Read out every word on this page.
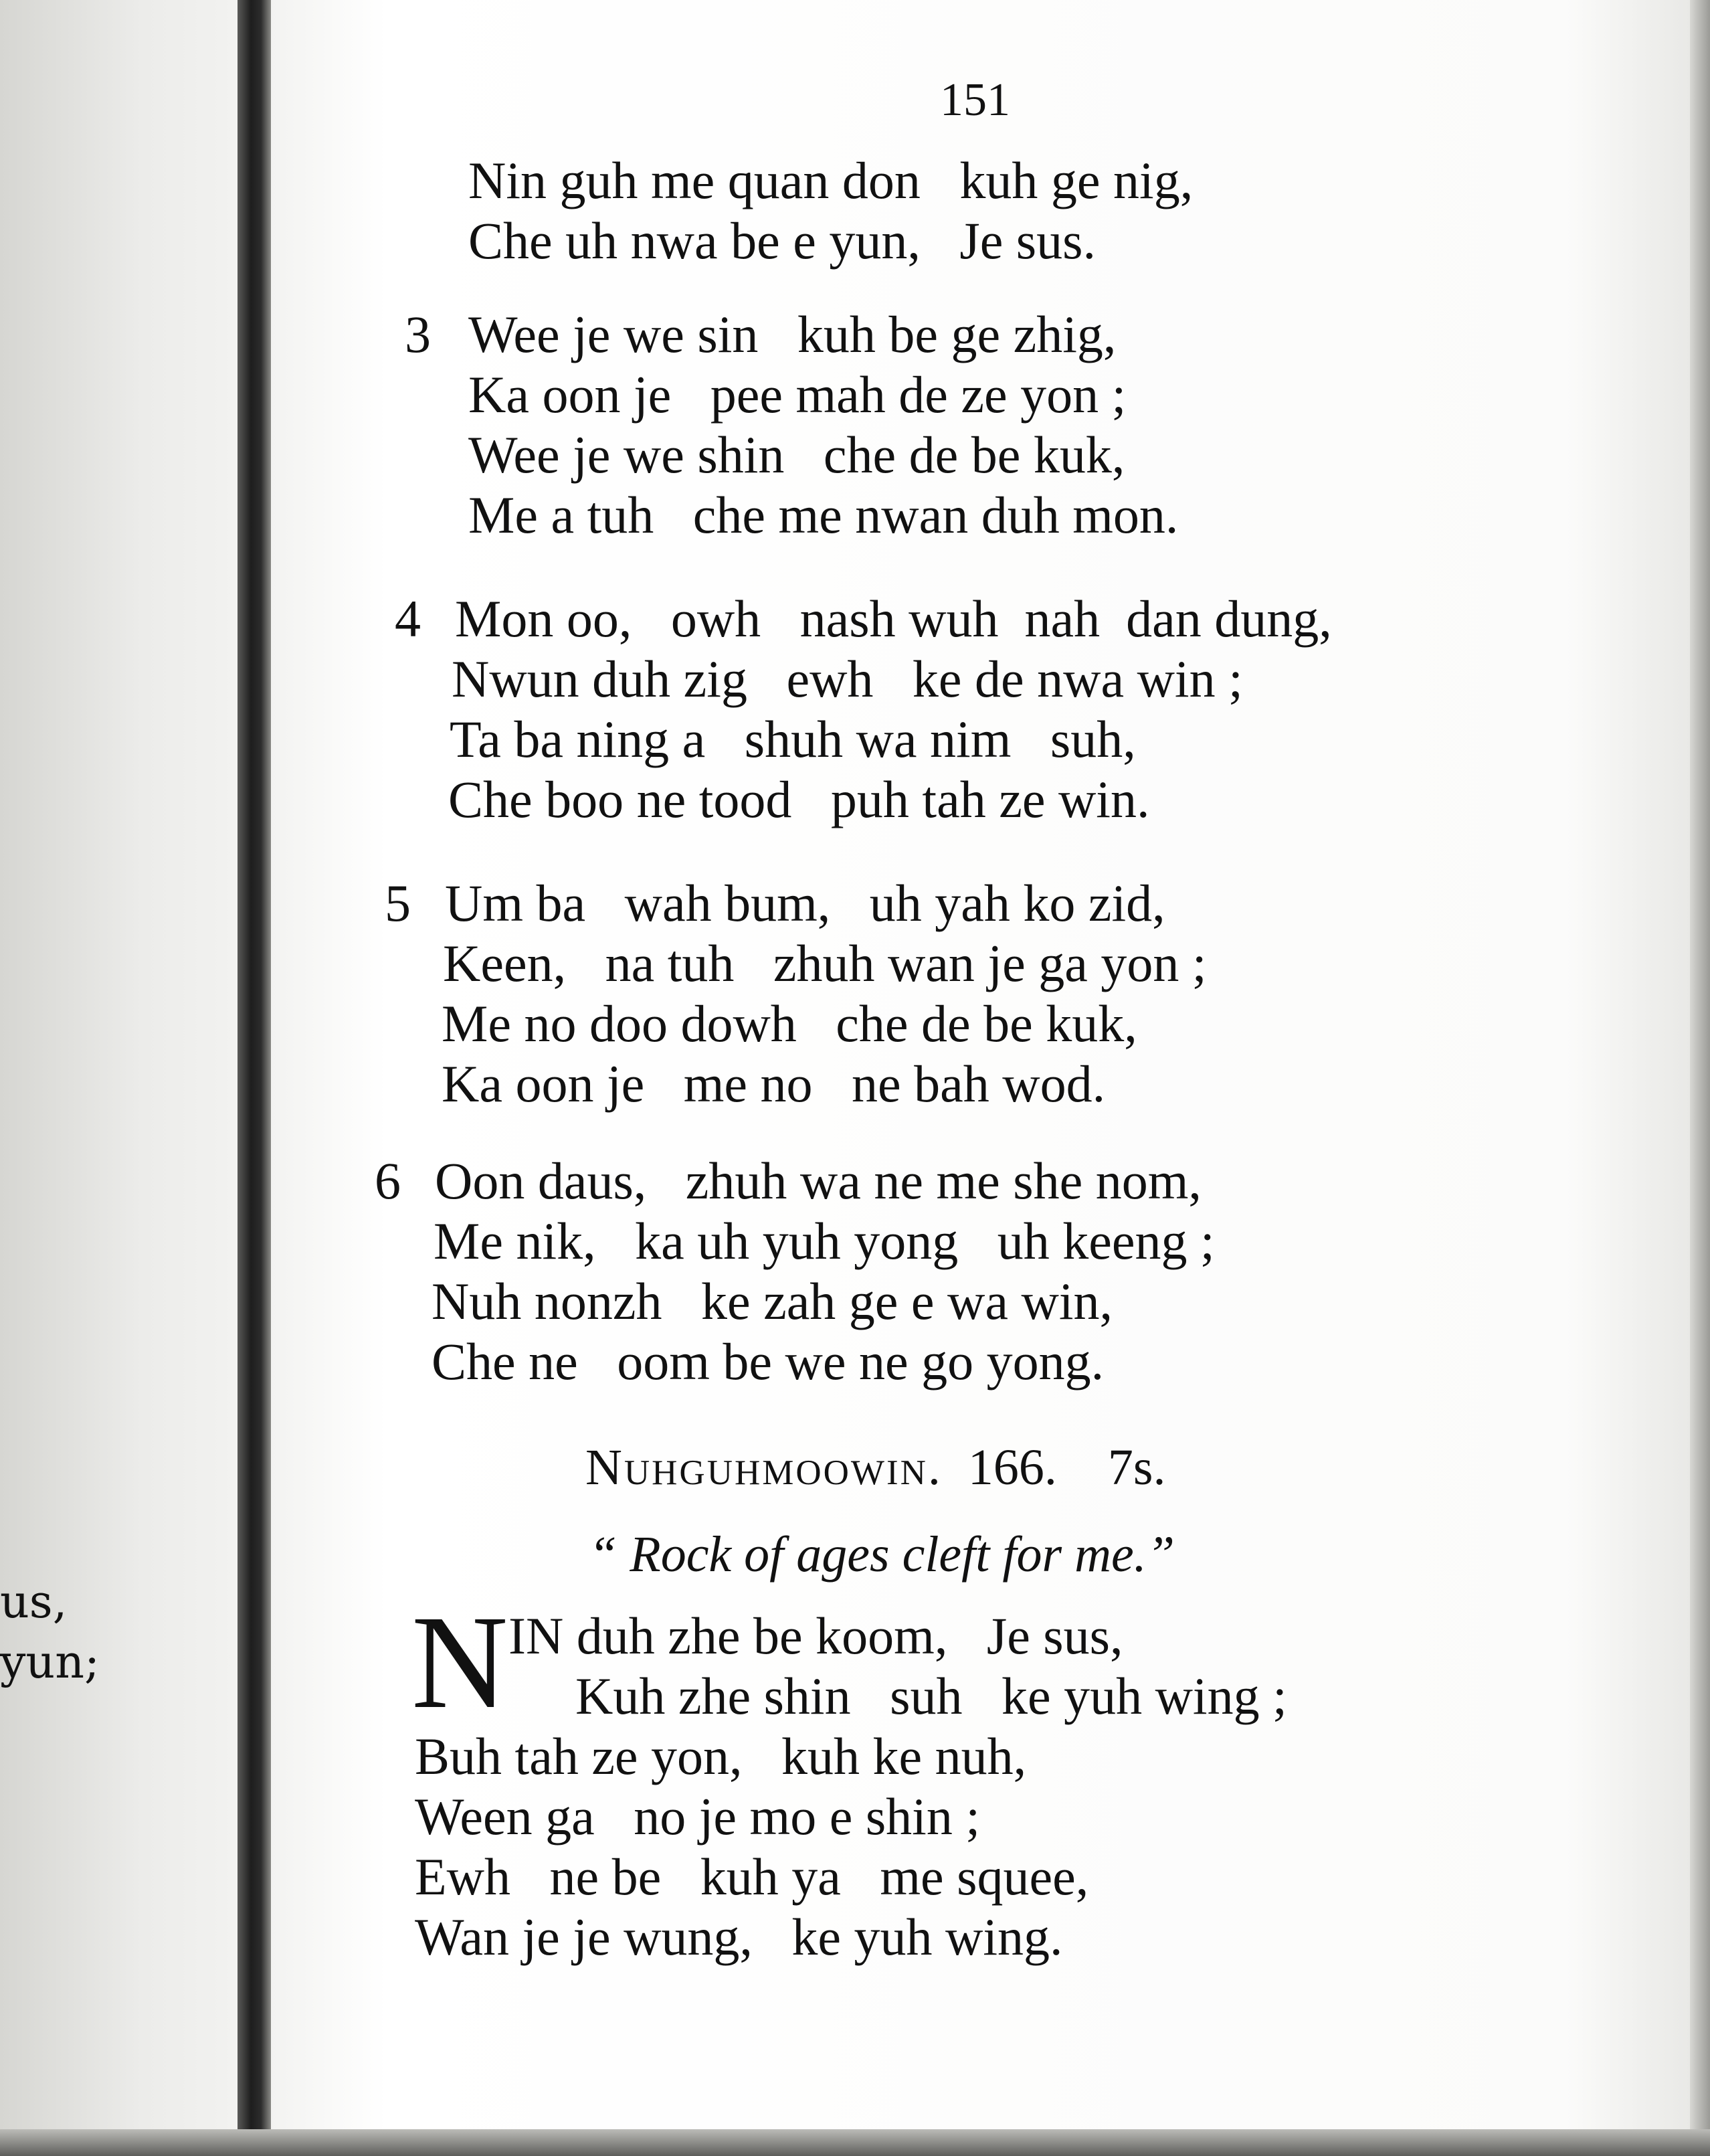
us,
yun;
151
Nin guh me quan don   kuh ge nig,
Che uh nwa be e yun,   Je sus.
3 Wee je we sin   kuh be ge zhig,
Ka oon je   pee mah de ze yon ;
Wee je we shin   che de be kuk,
Me a tuh   che me nwan duh mon.
4 Mon oo,   owh   nash wuh  nah  dan dung,
Nwun duh zig   ewh   ke de nwa win ;
Ta ba ning a   shuh wa nim   suh,
Che boo ne tood   puh tah ze win.
5 Um ba   wah bum,   uh yah ko zid,
Keen,   na tuh   zhuh wan je ga yon ;
Me no doo dowh   che de be kuk,
Ka oon je   me no   ne bah wod.
6 Oon daus,   zhuh wa ne me she nom,
Me nik,   ka uh yuh yong   uh keeng ;
Nuh nonzh   ke zah ge e wa win,
Che ne   oom be we ne go yong.
Nuhguhmoowin. 166. 7s.
“ Rock of ages cleft for me.”
N IN duh zhe be koom,   Je sus,
Kuh zhe shin   suh   ke yuh wing ;
Buh tah ze yon,   kuh ke nuh,
Ween ga   no je mo e shin ;
Ewh   ne be   kuh ya   me squee,
Wan je je wung,   ke yuh wing.
